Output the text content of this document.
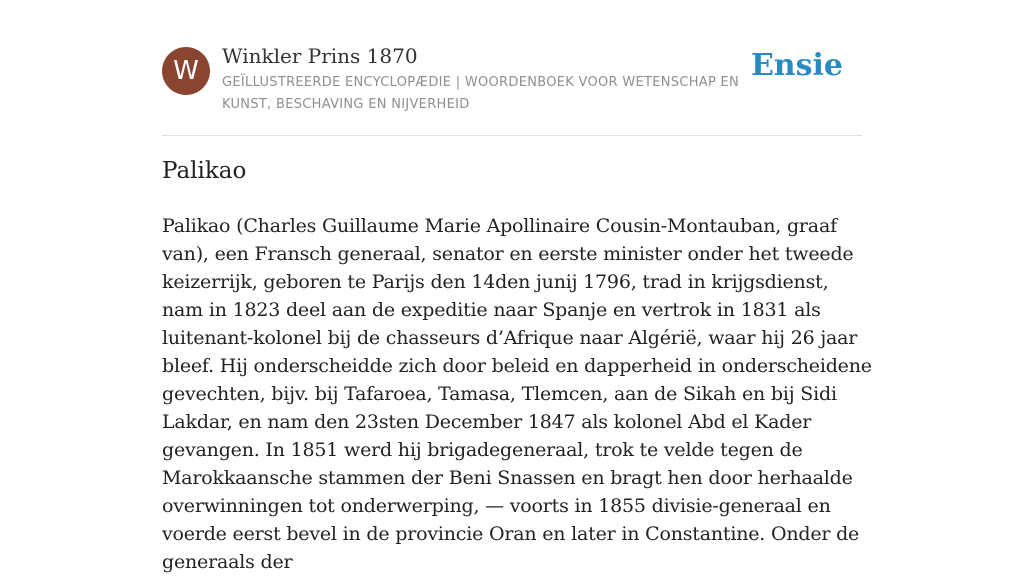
W	Winkler Prins 1870
GEÏLLUSTREERDE ENCYCLOPÆDIE | WOORDENBOEK VOOR WETENSCHAP EN KUNST, BESCHAVING EN NIJVERHEID
Ensie
Palikao

Palikao (Charles Guillaume Marie Apollinaire Cousin-Montauban, graaf van), een Fransch generaal, senator en eerste minister onder het tweede keizerrijk, geboren te Parijs den 14den junij 1796, trad in krijgsdienst, nam in 1823 deel aan de expeditie naar Spanje en vertrok in 1831 als luitenant-kolonel bij de chasseurs d’Afrique naar Algérië, waar hij 26 jaar bleef. Hij onderscheidde zich door beleid en dapperheid in onderscheidene gevechten, bijv. bij Tafaroea, Tamasa, Tlemcen, aan de Sikah en bij Sidi Lakdar, en nam den 23sten December 1847 als kolonel Abd el Kader gevangen. In 1851 werd hij brigadegeneraal, trok te velde tegen de Marokkaansche stammen der Beni Snassen en bragt hen door herhaalde overwinningen tot onderwerping, — voorts in 1855 divisie-generaal en voerde eerst bevel in de provincie Oran en later in Constantine. Onder de generaals der
